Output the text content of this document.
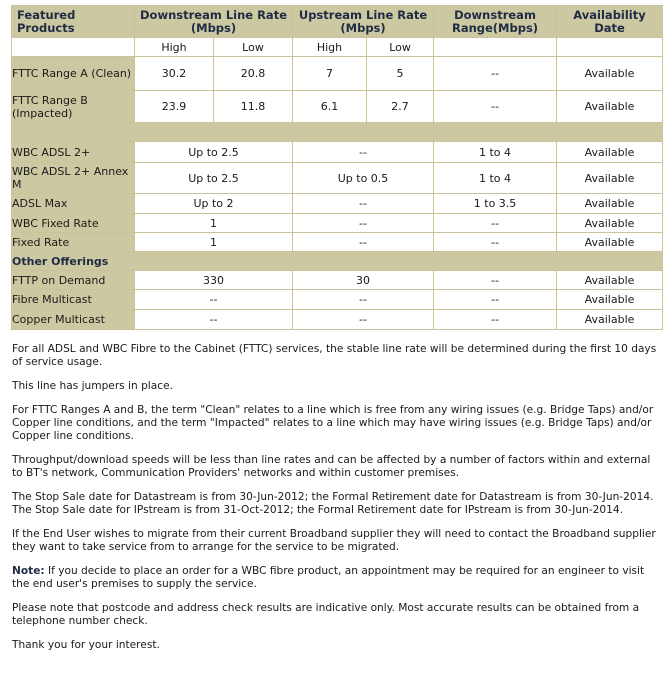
Featured Products	Downstream Line Rate (Mbps)		Upstream Line Rate (Mbps)		Downstream Range(Mbps)	Availability Date
	High	Low	High	Low		
FTTC Range A (Clean)	30.2	20.8	7	5	--	Available
FTTC Range B (Impacted)	23.9	11.8	6.1	2.7	--	Available

WBC ADSL 2+	Up to 2.5		--		1 to 4	Available
WBC ADSL 2+ Annex M	Up to 2.5		Up to 0.5		1 to 4	Available
ADSL Max	Up to 2		--		1 to 3.5	Available
WBC Fixed Rate	1		--		--	Available
Fixed Rate	1		--		--	Available
Other Offerings						
FTTP on Demand	330		30		--	Available
Fibre Multicast	--		--		--	Available
Copper Multicast	--		--		--	Available

For all ADSL and WBC Fibre to the Cabinet (FTTC) services, the stable line rate will be determined during the first 10 days of service usage.

This line has jumpers in place.

For FTTC Ranges A and B, the term "Clean" relates to a line which is free from any wiring issues (e.g. Bridge Taps) and/or Copper line conditions, and the term "Impacted" relates to a line which may have wiring issues (e.g. Bridge Taps) and/or Copper line conditions.

Throughput/download speeds will be less than line rates and can be affected by a number of factors within and external to BT's network, Communication Providers' networks and within customer premises.

The Stop Sale date for Datastream is from 30-Jun-2012; the Formal Retirement date for Datastream is from 30-Jun-2014. The Stop Sale date for IPstream is from 31-Oct-2012; the Formal Retirement date for IPstream is from 30-Jun-2014.

If the End User wishes to migrate from their current Broadband supplier they will need to contact the Broadband supplier they want to take service from to arrange for the service to be migrated.

Note: If you decide to place an order for a WBC fibre product, an appointment may be required for an engineer to visit the end user's premises to supply the service.

Please note that postcode and address check results are indicative only. Most accurate results can be obtained from a telephone number check.

Thank you for your interest.
